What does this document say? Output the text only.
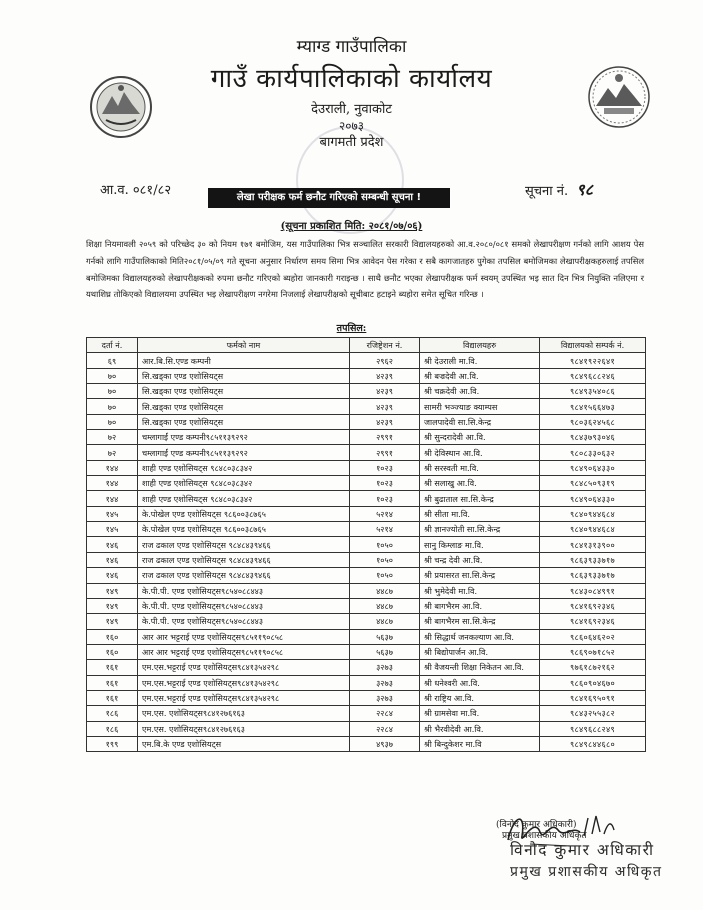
म्याग्‍ड गाउँपालिका
गाउँ कार्यपालिकाको कार्यालय
देउराली, नुवाकोट
२०७३
बागमती प्रदेश
आ.व. ०८१/८२	सूचना नं. ९८
लेखा परीक्षक फर्म छनौट गरिएको सम्बन्धी सूचना !
(सूचना प्रकाशित मिति: २०८१/०७/०६)
शिक्षा नियमावली २०५९ को परिच्छेद ३० को नियम १७१ बमोजिम, यस गाउँपालिका भित्र सञ्चालित सरकारी विद्यालयहरुको आ.व.२०८०/०८१ समको लेखापरीक्षण गर्नको लागि आशय पेस गर्नको लागि गाउँपालिकाको मिति२०८१/०५/०९ गते सूचना अनुसार निर्धारण समय सिमा भित्र आवेदन पेस गरेका र सबै कागजातहरु पुगेका तपसिल बमोजिमका लेखापरीक्षकहरुलाई तपसिल बमोजिमका विद्यालयहरुको लेखापरीक्षकको रुपमा छनौट गरिएको ब्यहोरा जानकारी गराइन्छ । साथै छनौट भएका लेखापरीक्षक फर्म स्वयम् उपस्थित भइ सात दिन भित्र नियुक्ति नलिएमा र यथाशिघ्र तोकिएको विद्यालयमा उपस्थित भइ लेखापरीक्षण नगरेमा निजलाई लेखापरीक्षको सूचीबाट हटाइने ब्यहोरा समेत सूचित गरिन्छ ।
तपसिल:
दर्ता नं.	फर्मको नाम	रजिष्ट्रेशन नं.	विद्यालयहरु	विद्यालयको सम्पर्क नं.
६९	आर.बि.सि.एण्ड कम्पनी	२९६२	श्री देउराली मा.वि.	९८४१९२२६४१
७०	सि.खड्का एण्ड एशोसियट्स	४२३९	श्री बज्रदेवी आ.वि.	९८४९६८८२४६
७०	सि.खड्का एण्ड एशोसियट्स	४२३९	श्री चक्रदेवी आ.वि.	९८४९३५४०८६
७०	सि.खड्का एण्ड एशोसियट्स	४२३९	सामरी भञ्ज्याङ क्याम्पस	९८४१५६६४७३
७०	सि.खड्का एण्ड एशोसियट्स	४२३९	जालपादेवी सा.सि.केन्द्र	९८०३६२४५६८
७२	चम्लागाईं एण्ड कम्पनी९८५११३९२९२	२९९१	श्री सुन्दरादेवी आ.वि.	९८४३७९३०४६
७२	चम्लागाईं एण्ड कम्पनी९८५११३९२९२	२९९१	श्री देविस्थान आ.वि.	९८०८३३०६३२
१४४	शाही एण्ड एशोसियट्स ९८४८०३८३४२	१०२३	श्री सरस्वती मा.वि.	९८४९०६४३३०
१४४	शाही एण्ड एशोसियट्स ९८४८०३८३४२	१०२३	श्री सलाखु आ.वि.	९८४८५०९३१९
१४४	शाही एण्ड एशोसियट्स ९८४८०३८३४२	१०२३	श्री बुढाताल सा.सि.केन्द्र	९८४९०६४३३०
१४५	के.पोखेल एण्ड एशोसियट्स ९८६००३८७६५	५२१४	श्री सीता मा.वि.	९८४०९४४६८४
१४५	के.पोखेल एण्ड एशोसियट्स ९८६००३८७६५	५२१४	श्री ज्ञानज्योती सा.सि.केन्द्र	९८४०९४४६८४
१४६	राज ढकाल एण्ड एशोसियट्स ९८४८४३९४६६	१०५०	सानु किम्लाङ मा.वि.	९८४१३१३९००
१४६	राज ढकाल एण्ड एशोसियट्स ९८४८४३९४६६	१०५०	श्री चन्द्र देवी आ.वि.	९८६३९३३७१७
१४६	राज ढकाल एण्ड एशोसियट्स ९८४८४३९४६६	१०५०	श्री प्रयासरत सा.सि.केन्द्र	९८६३९३३७१७
१४९	के.पी.पी. एण्ड एशोसियट्स९८५४०८८४४३	४४८७	श्री भुमेदेवी मा.वि.	९८४३०८४९९१
१४९	के.पी.पी. एण्ड एशोसियट्स९८५४०८८४४३	४४८७	श्री बागभैरम आ.वि.	९८४१६९२३४६
१४९	के.पी.पी. एण्ड एशोसियट्स९८५४०८८४४३	४४८७	श्री बागभैरम सा.सि.केन्द्र	९८४१६९२३४६
१६०	आर आर भट्टराई एण्ड एशोसियट्स९८५११९०८५८	५६३७	श्री सिद्धार्थ जनकल्याण आ.वि.	९८६०६४६२०२
१६०	आर आर भट्टराई एण्ड एशोसियट्स९८५११९०८५८	५६३७	श्री बिद्योपार्जन आ.वि.	९८६९०७१८५२
१६१	एम.एस.भट्टराई एण्ड एशोसियट्स९८४१३५४२९८	३२७३	श्री वैजयन्ती शिक्षा निकेतन आ.वि.	९७६१८७२१६२
१६१	एम.एस.भट्टराई एण्ड एशोसियट्स९८४१३५४२९८	३२७३	श्री धनेश्वरी आ.वि.	९८६०९०४६७०
१६१	एम.एस.भट्टराई एण्ड एशोसियट्स९८४१३५४२९८	३२७३	श्री राष्ट्रिय आ.वि.	९८४१६९५०९१
१८६	एम.एस. एशोसियट्स९८४१२७६१६३	२२८४	श्री ग्रामसेवा मा.वि.	९८४३२५५३८२
१८६	एम.एस. एशोसियट्स९८४१२७६१६३	२२८४	श्री भैरवीदेवी आ.वि.	९८४९६८८२४९
१९९	एम.बि.के एण्ड एशोसियट्स	४९३७	श्री बिन्दुकेशर मा.वि	९८४९८४४६८०
(विनोद कुमार अधिकारी)
प्रमुख प्रशासकीय अधिकृत
विनोद कुमार अधिकारी
प्रमुख प्रशासकीय अधिकृत
